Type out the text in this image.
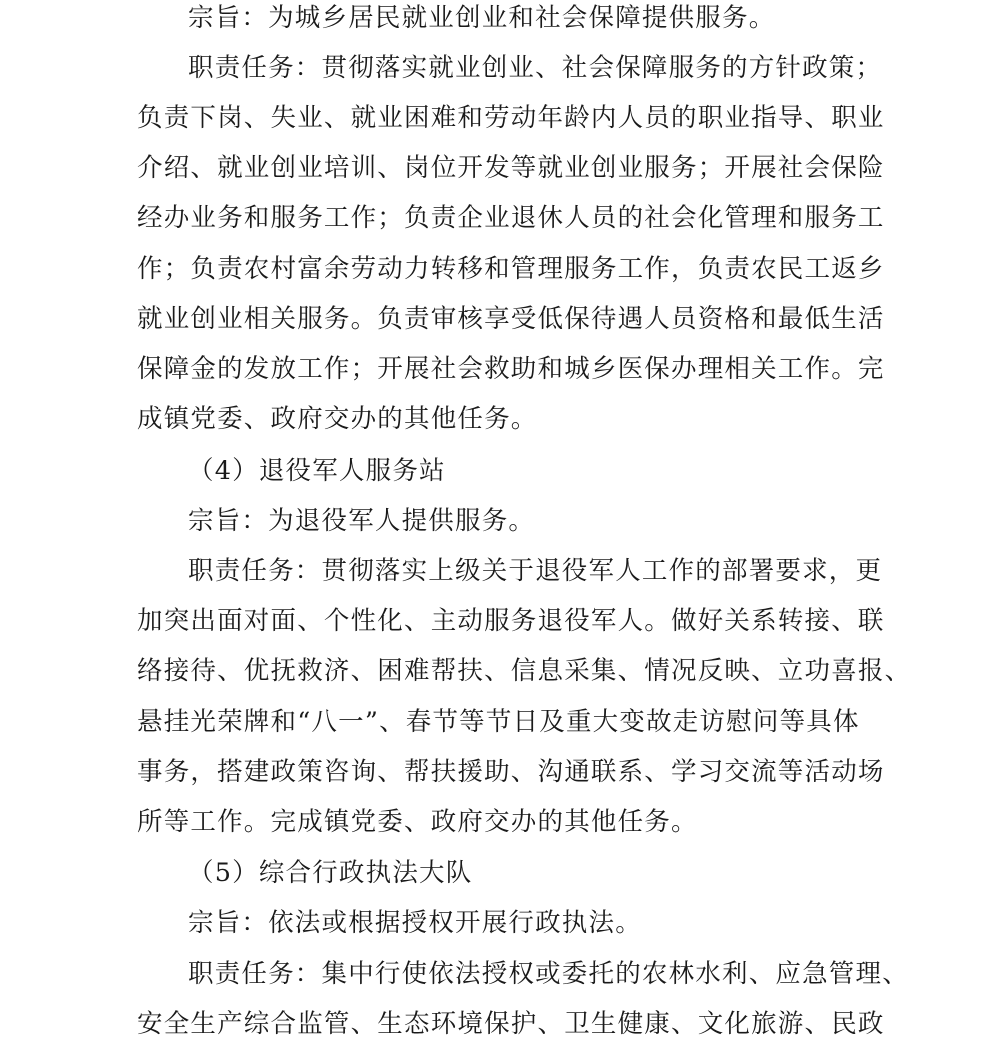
宗旨：为城乡居民就业创业和社会保障提供服务。
职责任务：贯彻落实就业创业、社会保障服务的方针政策；
负责下岗、失业、就业困难和劳动年龄内人员的职业指导、职业
介绍、就业创业培训、岗位开发等就业创业服务；开展社会保险
经办业务和服务工作；负责企业退休人员的社会化管理和服务工
作；负责农村富余劳动力转移和管理服务工作，负责农民工返乡
就业创业相关服务。负责审核享受低保待遇人员资格和最低生活
保障金的发放工作；开展社会救助和城乡医保办理相关工作。完
成镇党委、政府交办的其他任务。
（4）退役军人服务站
宗旨：为退役军人提供服务。
职责任务：贯彻落实上级关于退役军人工作的部署要求，更
加突出面对面、个性化、主动服务退役军人。做好关系转接、联
络接待、优抚救济、困难帮扶、信息采集、情况反映、立功喜报、
悬挂光荣牌和“八一”、春节等节日及重大变故走访慰问等具体
事务，搭建政策咨询、帮扶援助、沟通联系、学习交流等活动场
所等工作。完成镇党委、政府交办的其他任务。
（5）综合行政执法大队
宗旨：依法或根据授权开展行政执法。
职责任务：集中行使依法授权或委托的农林水利、应急管理、
安全生产综合监管、生态环境保护、卫生健康、文化旅游、民政
